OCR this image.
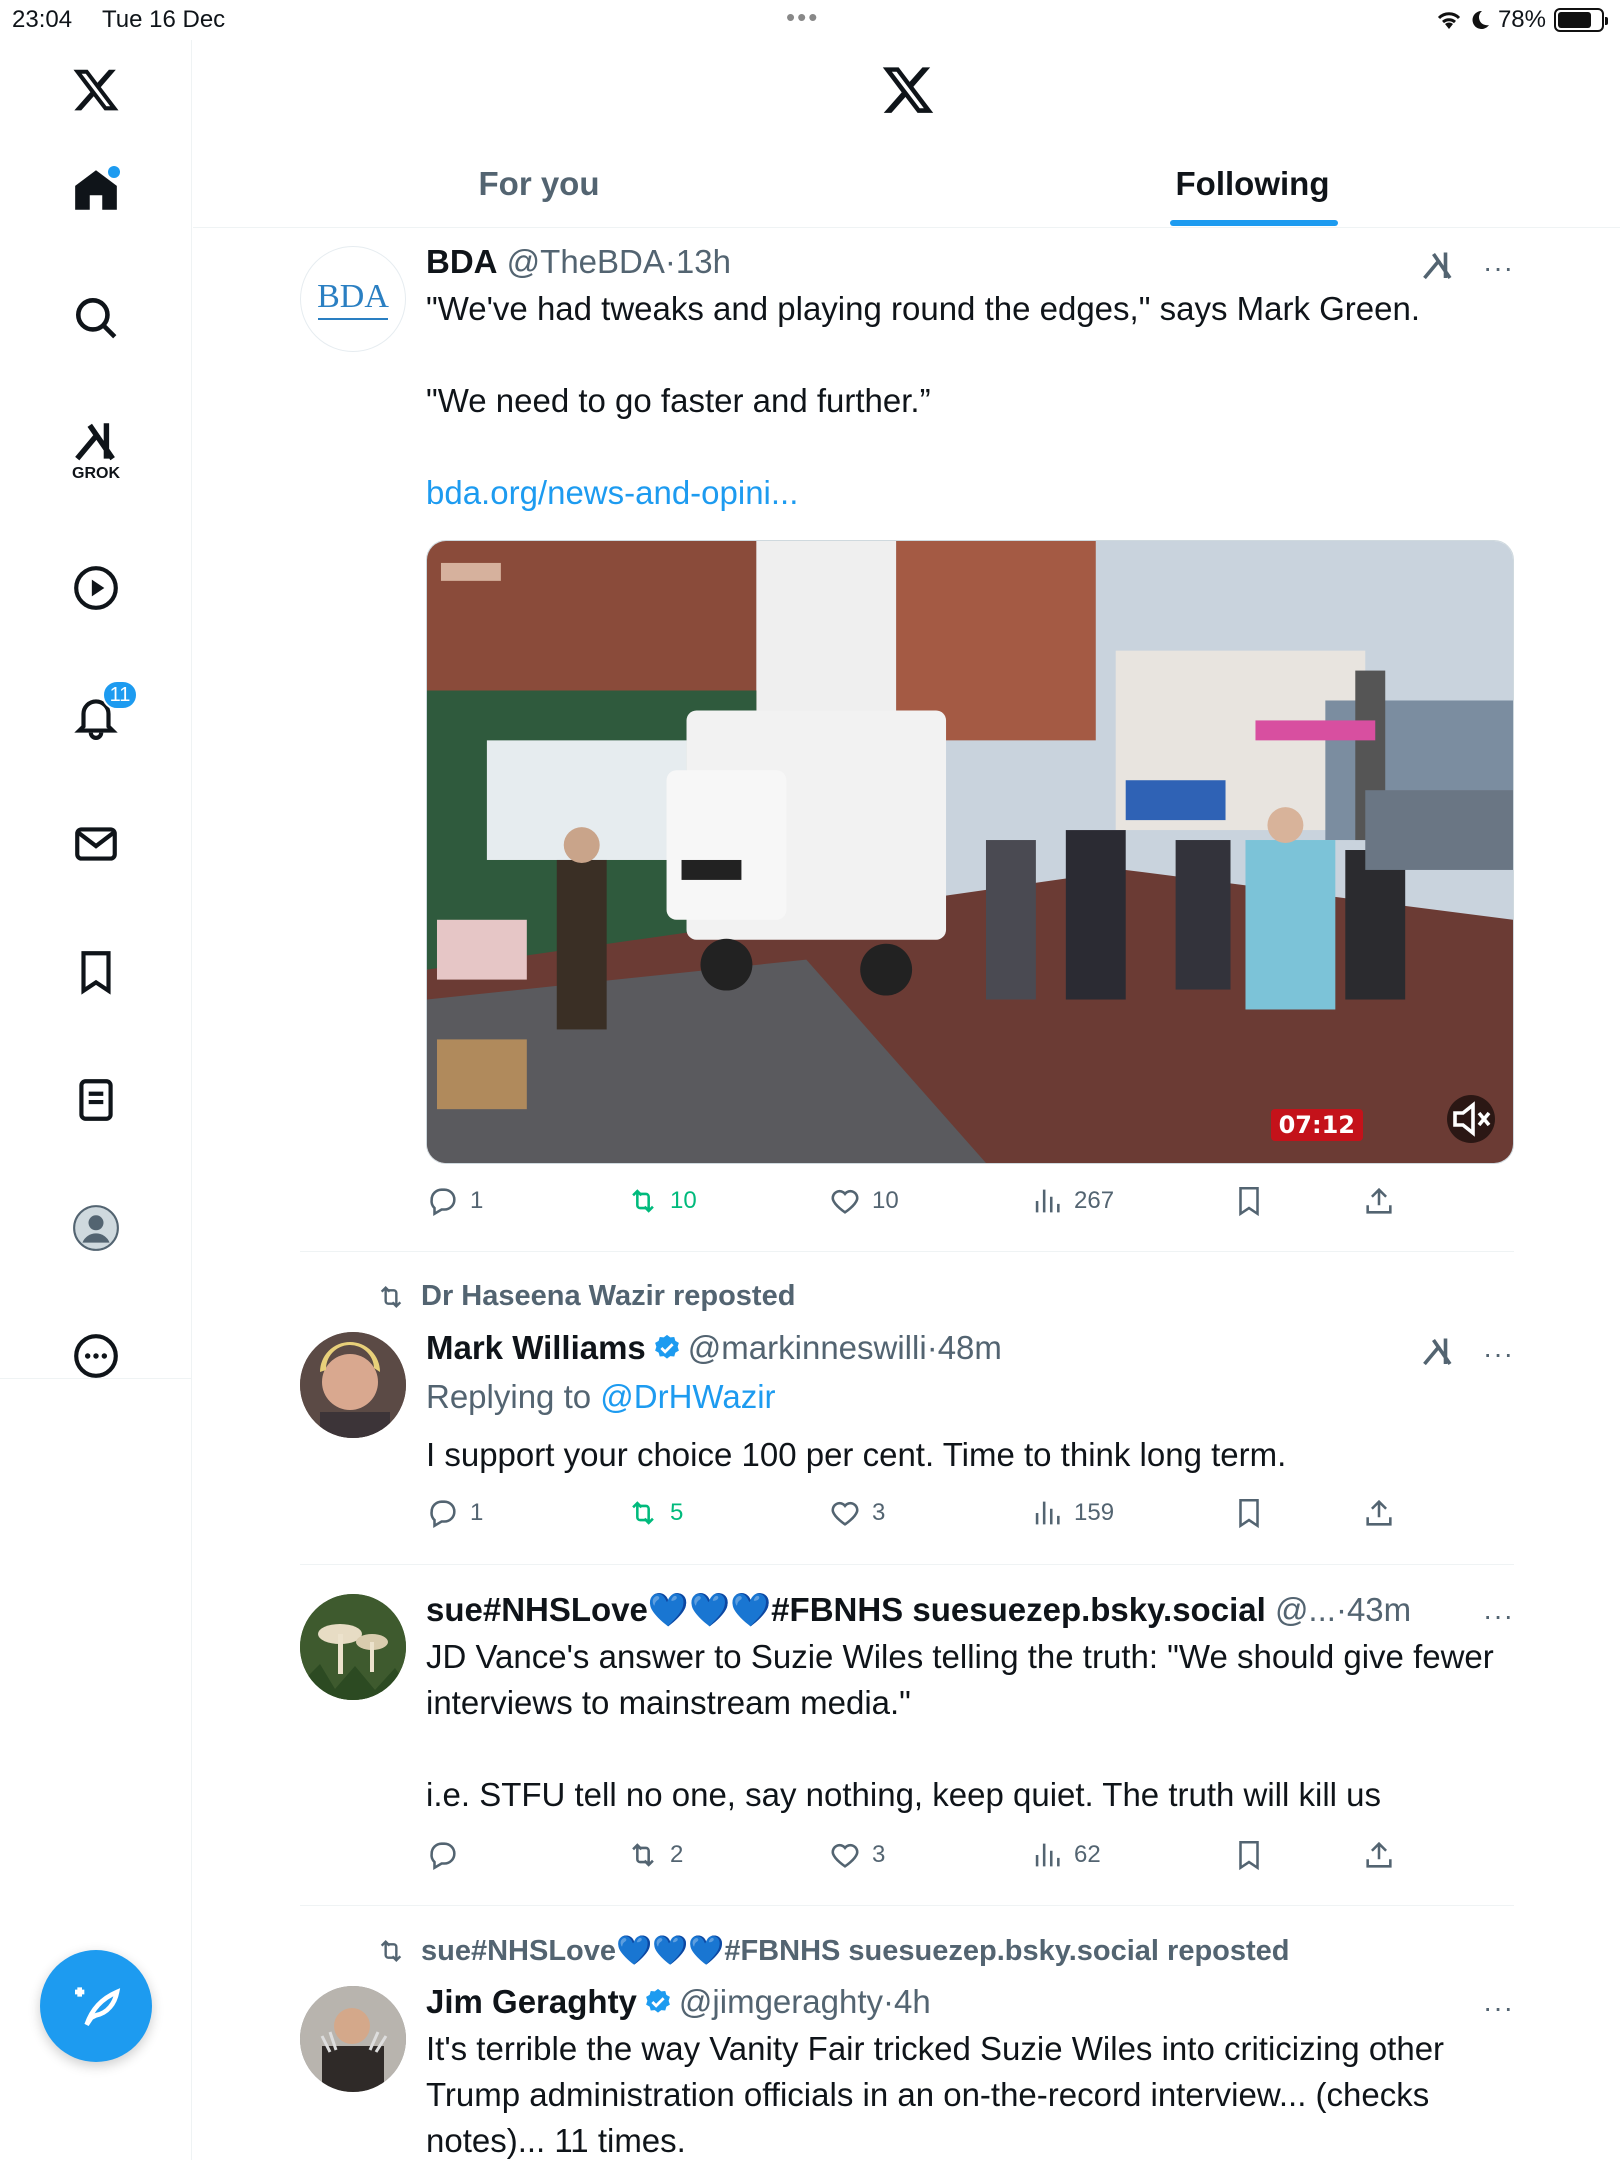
23:04 Tue 16 Dec	•••	78%
GROK
11
For you	Following
BDA
BDA @TheBDA·13h	···
"We've had tweaks and playing round the edges," says Mark Green.
"We need to go faster and further.”
bda.org/news-and-opini...
07:12
1	10	10	267
Dr Haseena Wazir reposted
Mark Williams @markinneswilli·48m	···
Replying to @DrHWazir
I support your choice 100 per cent. Time to think long term.
1	5	3	159
sue#NHSLove💙💙💙#FBNHS suesuezep.bsky.social @...·43m	···
JD Vance's answer to Suzie Wiles telling the truth: "We should give fewer interviews to mainstream media."
i.e. STFU tell no one, say nothing, keep quiet. The truth will kill us
2	3	62
sue#NHSLove💙💙💙#FBNHS suesuezep.bsky.social reposted
Jim Geraghty @jimgeraghty·4h	···
It's terrible the way Vanity Fair tricked Suzie Wiles into criticizing other Trump administration officials in an on-the-record interview... (checks notes)... 11 times.
